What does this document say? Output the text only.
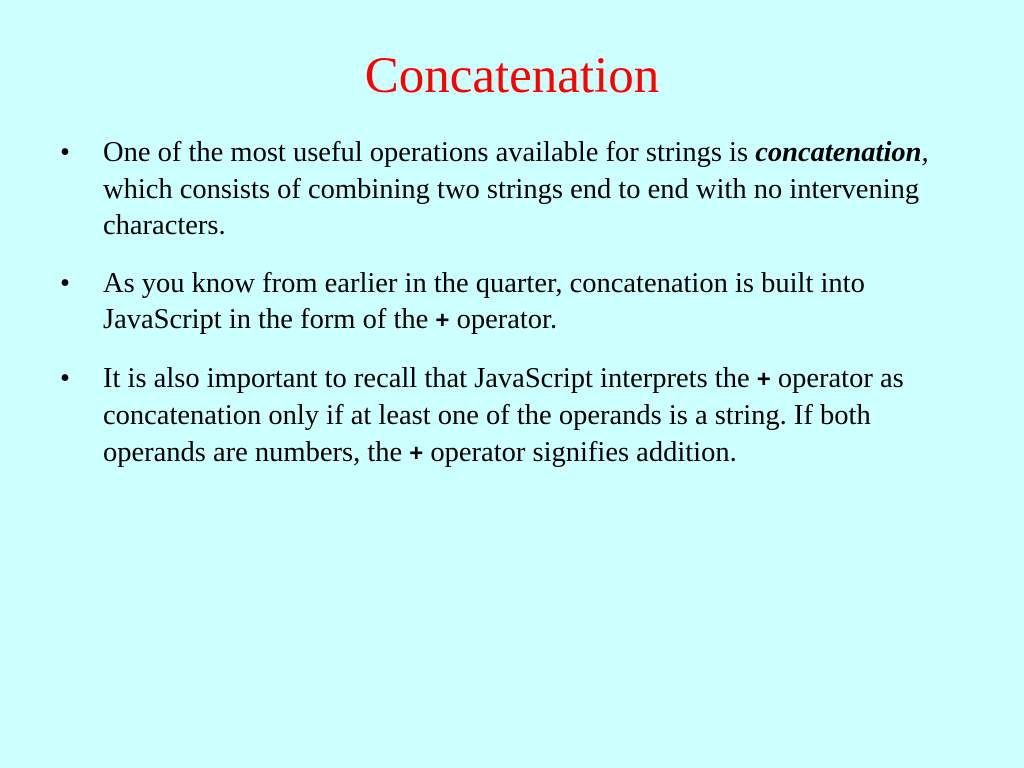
Concatenation
•	One of the most useful operations available for strings is concatenation, which consists of combining two strings end to end with no intervening characters.
•	As you know from earlier in the quarter, concatenation is built into JavaScript in the form of the + operator.
•	It is also important to recall that JavaScript interprets the + operator as concatenation only if at least one of the operands is a string. If both operands are numbers, the + operator signifies addition.
